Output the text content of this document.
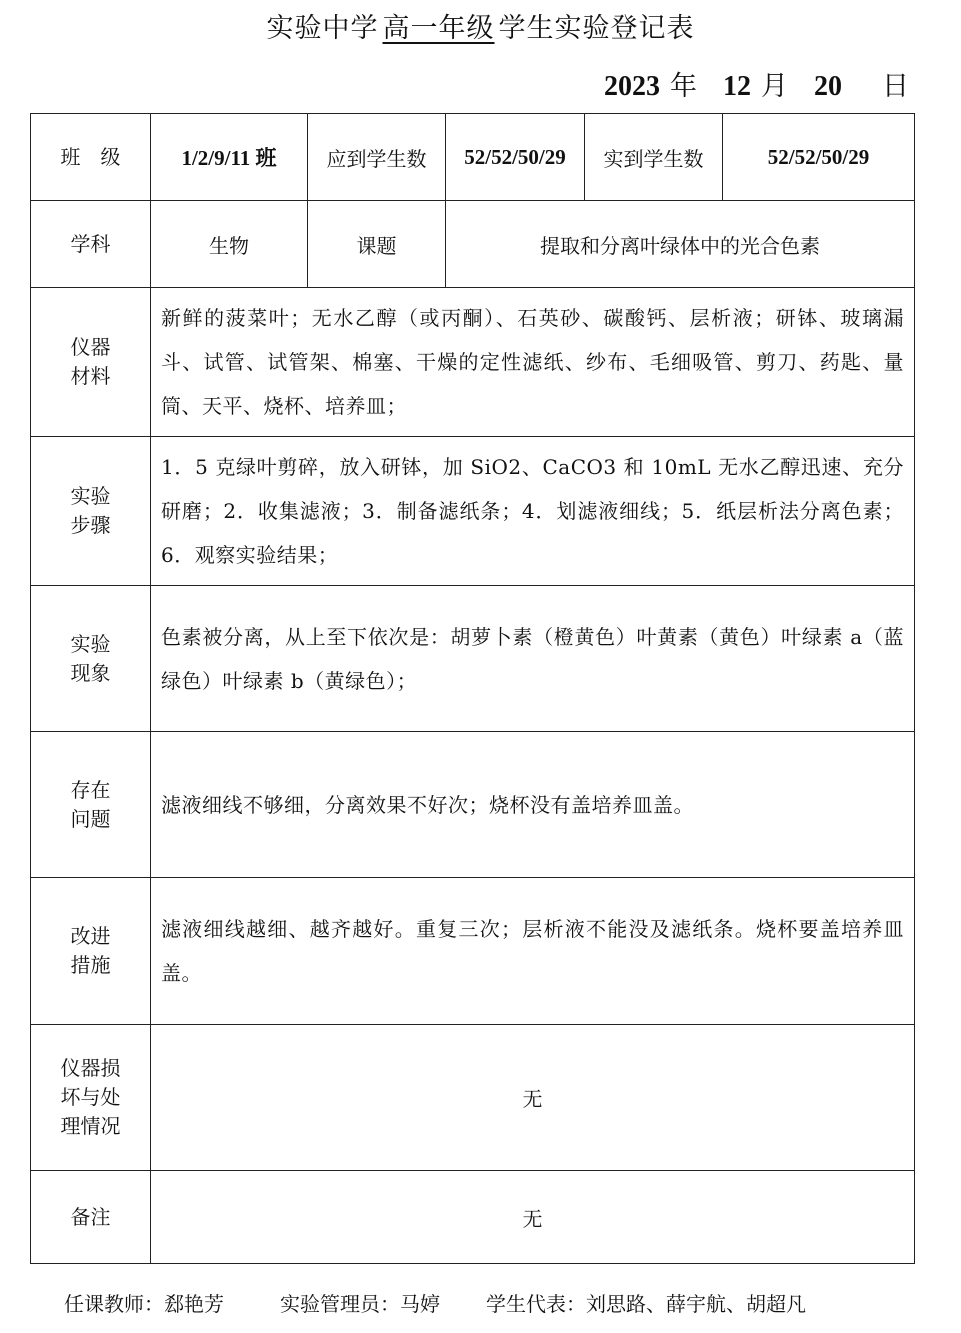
实验中学 高一年级 学生实验登记表
2023 年 12 月 20 日
班　级	1/2/9/11 班	应到学生数	52/52/50/29	实到学生数	52/52/50/29
学科	生物	课题	提取和分离叶绿体中的光合色素		

仪器
材料	新鲜的菠菜叶；无水乙醇（或丙酮）、石英砂、碳酸钙、层析液；研钵、玻璃漏斗、试管、试管架、棉塞、干燥的定性滤纸、纱布、毛细吸管、剪刀、药匙、量筒、天平、烧杯、培养皿；				

实验
步骤	1．5 克绿叶剪碎，放入研钵，加 SiO2、CaCO3 和 10mL 无水乙醇迅速、充分研磨；2．收集滤液；3．制备滤纸条；4．划滤液细线；5．纸层析法分离色素；6．观察实验结果；				

实验
现象	色素被分离，从上至下依次是：胡萝卜素（橙黄色）叶黄素（黄色）叶绿素 a（蓝绿色）叶绿素 b（黄绿色）；				

存在
问题	滤液细线不够细，分离效果不好次；烧杯没有盖培养皿盖。				

改进
措施	滤液细线越细、越齐越好。重复三次；层析液不能没及滤纸条。烧杯要盖培养皿盖。				

仪器损
坏与处
理情况	无				
备注	无				
任课教师：郄艳芳	实验管理员：马婷 学生代表：刘思路、薛宇航、胡超凡
